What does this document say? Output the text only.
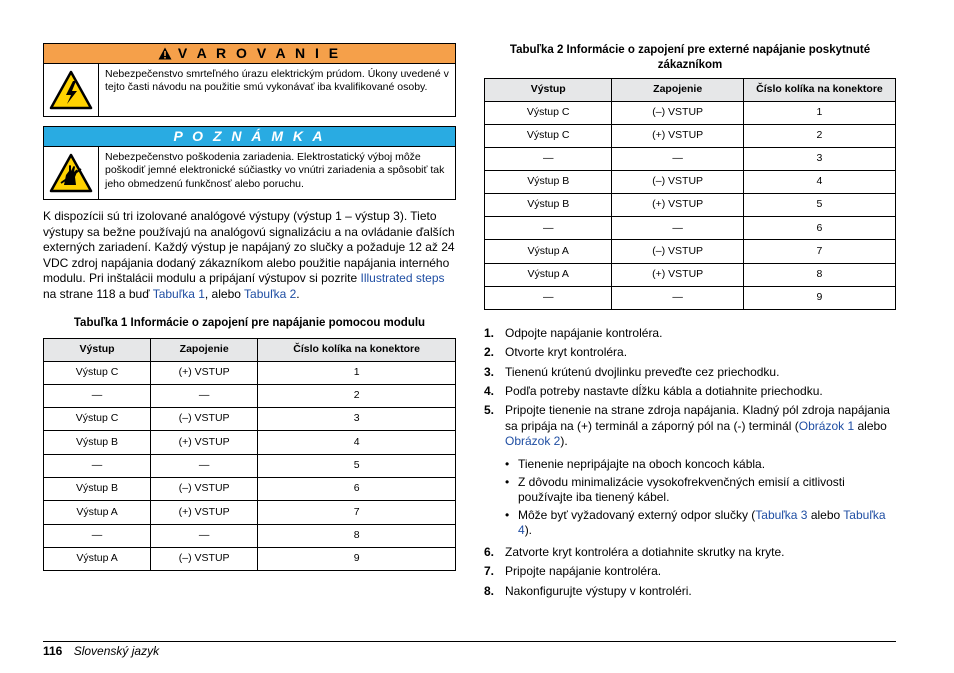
V A R O V A N I E
Nebezpečenstvo smrteľného úrazu elektrickým prúdom. Úkony uvedené v tejto časti návodu na použitie smú vykonávať iba kvalifikované osoby.
P O Z N Á M K A
Nebezpečenstvo poškodenia zariadenia. Elektrostatický výboj môže poškodiť jemné elektronické súčiastky vo vnútri zariadenia a spôsobiť tak jeho obmedzenú funkčnosť alebo poruchu.

K dispozícii sú tri izolované analógové výstupy (výstup 1 – výstup 3). Tieto výstupy sa bežne používajú na analógovú signalizáciu a na ovládanie ďalších externých zariadení. Každý výstup je napájaný zo slučky a požaduje 12 až 24 VDC zdroj napájania dodaný zákazníkom alebo použitie napájania interného modulu. Pri inštalácii modulu a pripájaní výstupov si pozrite Illustrated steps na strane 118 a buď Tabuľka 1, alebo Tabuľka 2.

Tabuľka 1 Informácie o zapojení pre napájanie pomocou modulu
Výstup	Zapojenie	Číslo kolíka na konektore
Výstup C	(+) VSTUP	1
—	—	2
Výstup C	(–) VSTUP	3
Výstup B	(+) VSTUP	4
—	—	5
Výstup B	(–) VSTUP	6
Výstup A	(+) VSTUP	7
—	—	8
Výstup A	(–) VSTUP	9
Tabuľka 2 Informácie o zapojení pre externé napájanie poskytnuté zákazníkom
Výstup	Zapojenie	Číslo kolíka na konektore
Výstup C	(–) VSTUP	1
Výstup C	(+) VSTUP	2
—	—	3
Výstup B	(–) VSTUP	4
Výstup B	(+) VSTUP	5
—	—	6
Výstup A	(–) VSTUP	7
Výstup A	(+) VSTUP	8
—	—	9
1. Odpojte napájanie kontroléra.
2. Otvorte kryt kontroléra.
3. Tienenú krútenú dvojlinku preveďte cez priechodku.
4. Podľa potreby nastavte dĺžku kábla a dotiahnite priechodku.
5. Pripojte tienenie na strane zdroja napájania. Kladný pól zdroja napájania sa pripája na (+) terminál a záporný pól na (-) terminál (Obrázok 1 alebo Obrázok 2).
• Tienenie nepripájajte na oboch koncoch kábla.
• Z dôvodu minimalizácie vysokofrekvenčných emisií a citlivosti používajte iba tienený kábel.
• Môže byť vyžadovaný externý odpor slučky (Tabuľka 3 alebo Tabuľka 4).
6. Zatvorte kryt kontroléra a dotiahnite skrutky na kryte.
7. Pripojte napájanie kontroléra.
8. Nakonfigurujte výstupy v kontroléri.
116 Slovenský jazyk
